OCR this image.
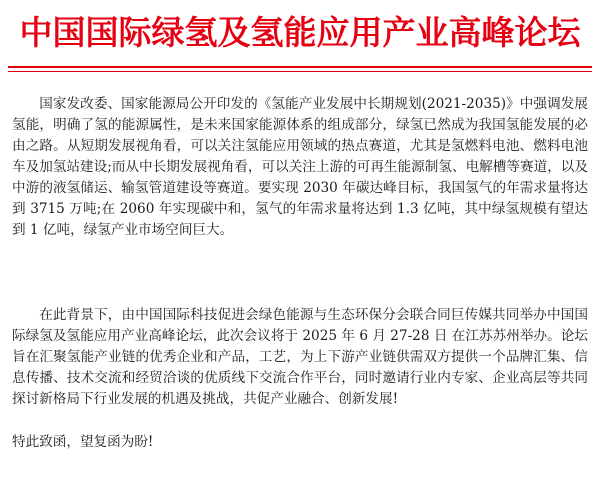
中国国际绿氢及氢能应用产业高峰论坛

国家发改委、国家能源局公开印发的《氢能产业发展中长期规划(2021-2035)》中强调发展氢能，明确了氢的能源属性，是未来国家能源体系的组成部分，绿氢已然成为我国氢能发展的必由之路。从短期发展视角看，可以关注氢能应用领域的热点赛道，尤其是氢燃料电池、燃料电池车及加氢站建设;而从中长期发展视角看，可以关注上游的可再生能源制氢、电解槽等赛道，以及中游的液氢储运、输氢管道建设等赛道。要实现 2030 年碳达峰目标，我国氢气的年需求量将达到 3715 万吨;在 2060 年实现碳中和，氢气的年需求量将达到 1.3 亿吨，其中绿氢规模有望达到 1 亿吨，绿氢产业市场空间巨大。

在此背景下，由中国国际科技促进会绿色能源与生态环保分会联合同巨传媒共同举办中国国际绿氢及氢能应用产业高峰论坛，此次会议将于 2025 年 6 月 27-28 日 在江苏苏州举办。论坛旨在汇聚氢能产业链的优秀企业和产品，工艺，为上下游产业链供需双方提供一个品牌汇集、信息传播、技术交流和经贸洽谈的优质线下交流合作平台，同时邀请行业内专家、企业高层等共同探讨新格局下行业发展的机遇及挑战，共促产业融合、创新发展!

特此致函，望复函为盼!
